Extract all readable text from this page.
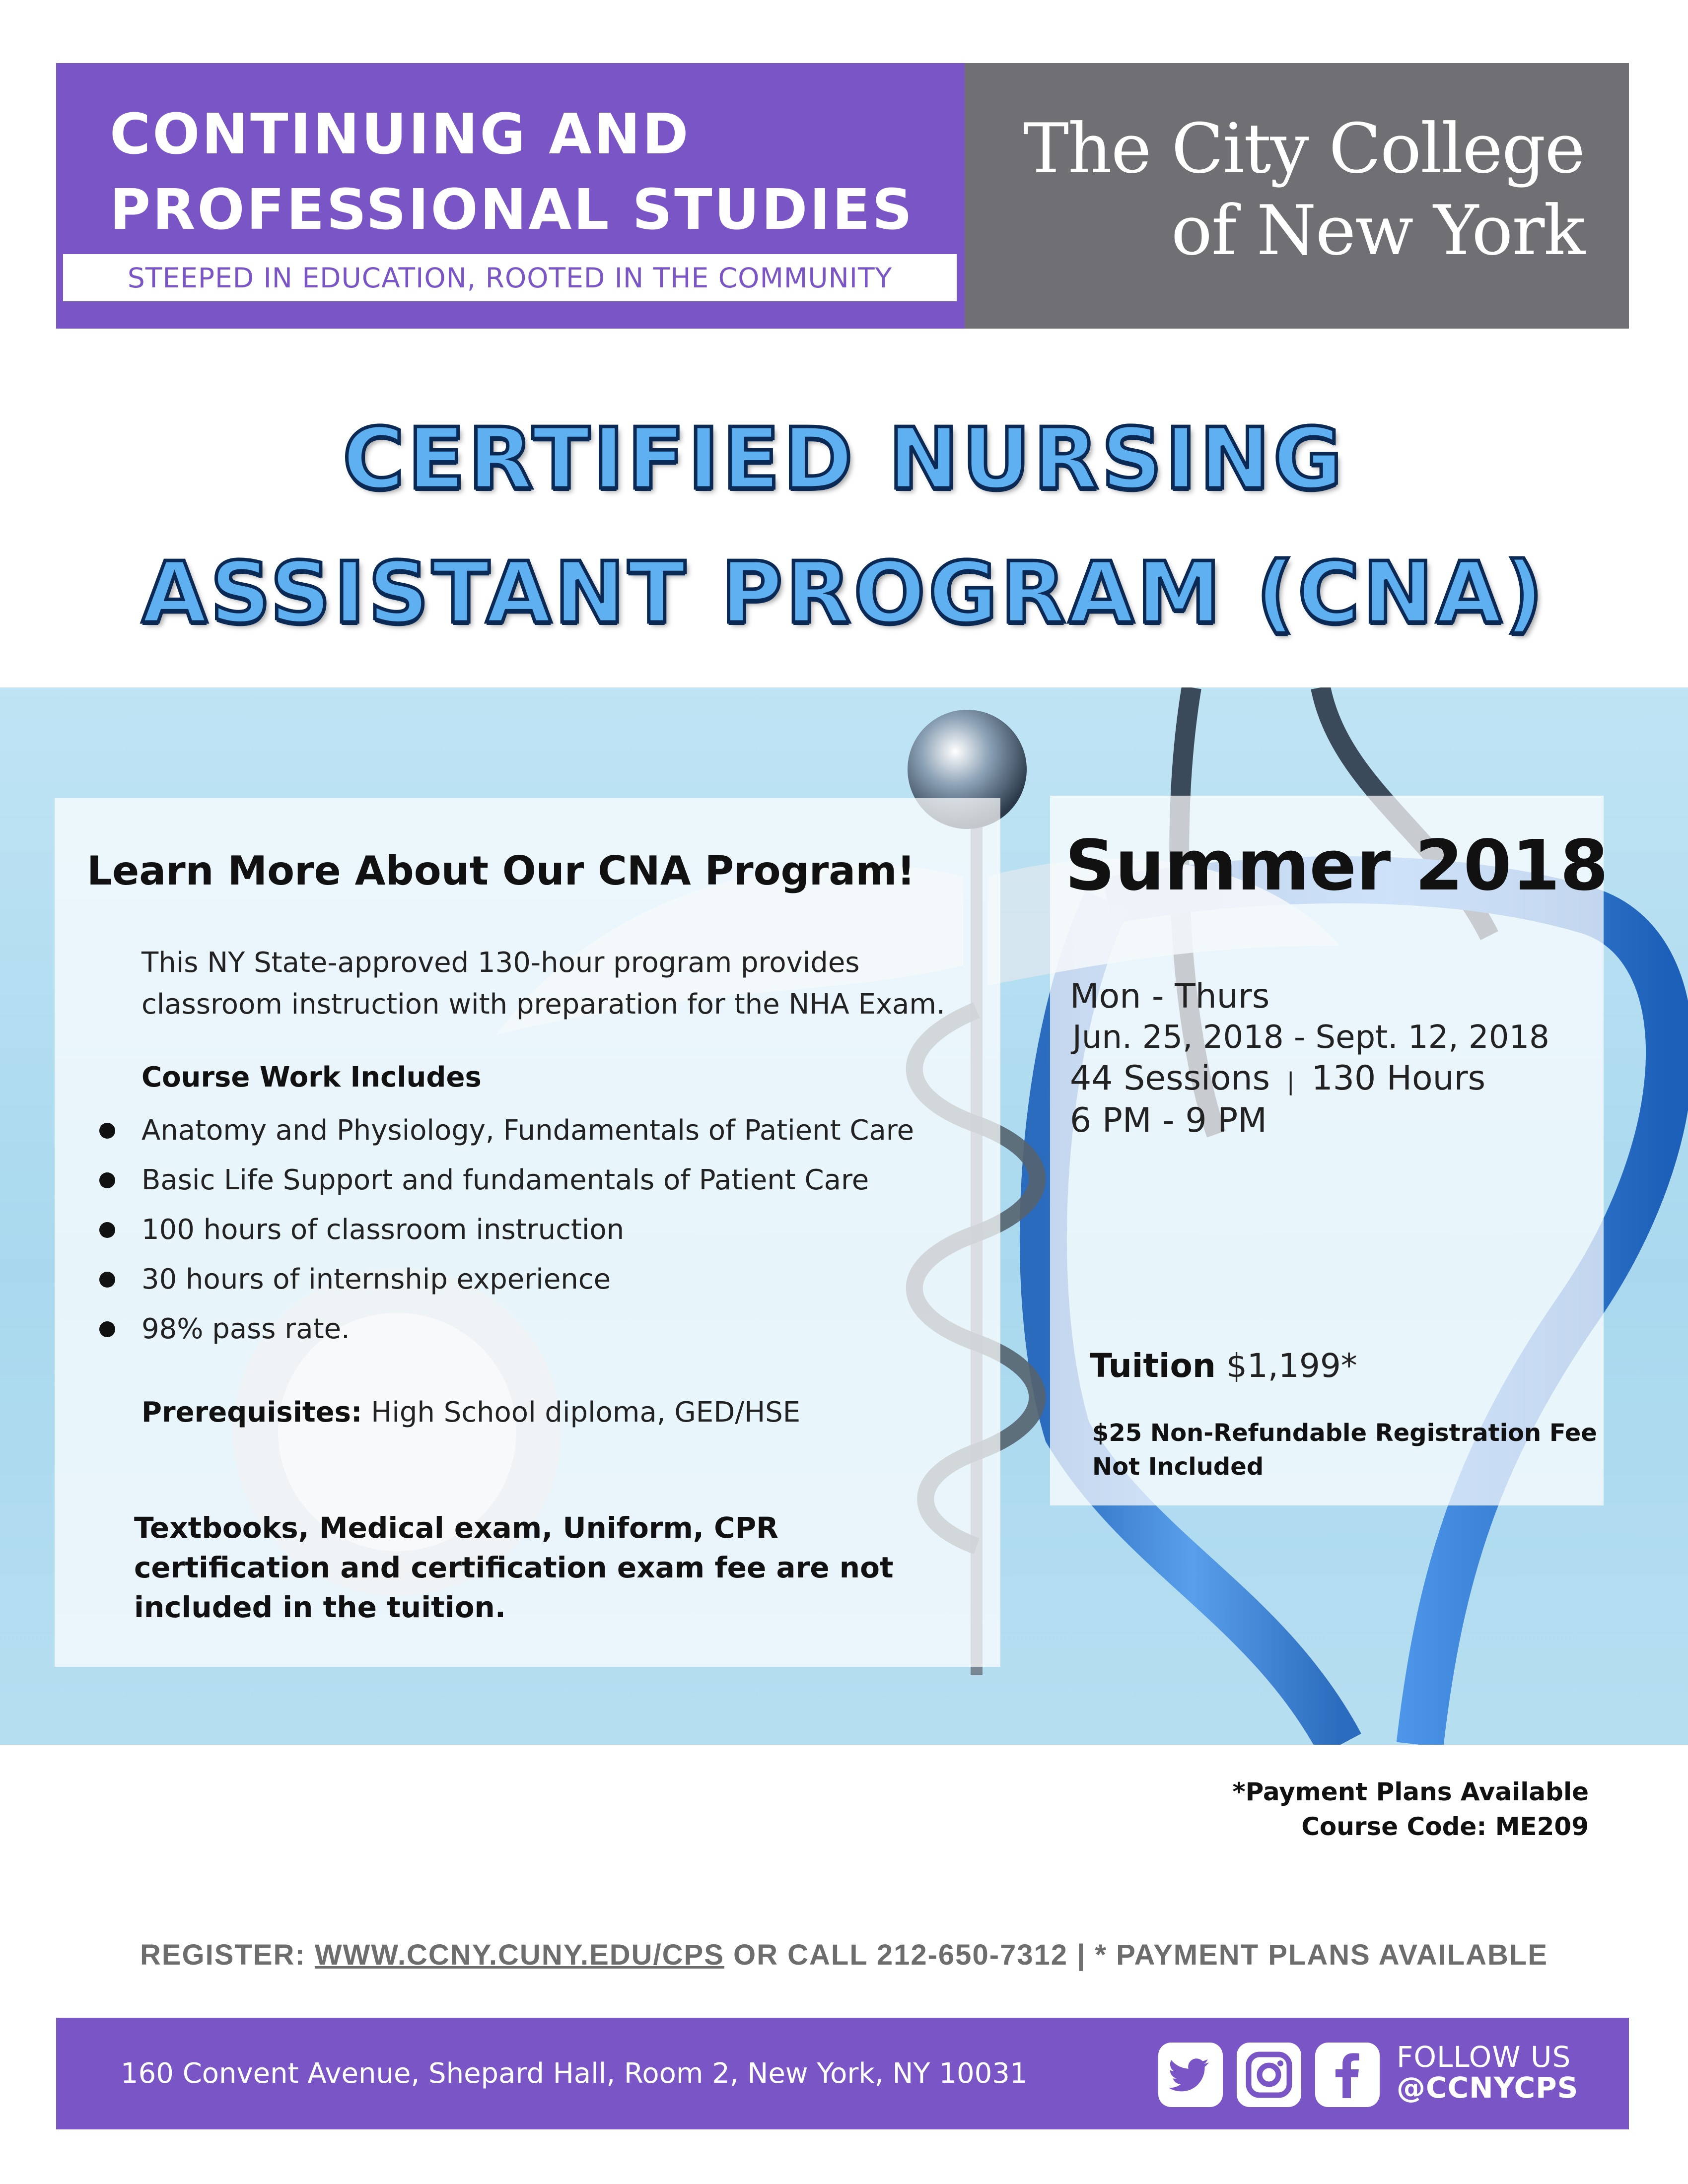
CONTINUING AND
PROFESSIONAL STUDIES
STEEPED IN EDUCATION, ROOTED IN THE COMMUNITY
The City College
of New York
CERTIFIED NURSING
ASSISTANT PROGRAM (CNA)
Learn More About Our CNA Program!
This NY State-approved 130-hour program provides
classroom instruction with preparation for the NHA Exam.
Course Work Includes
Anatomy and Physiology, Fundamentals of Patient Care
Basic Life Support and fundamentals of Patient Care
100 hours of classroom instruction
30 hours of internship experience
98% pass rate.
Prerequisites: High School diploma, GED/HSE
Textbooks, Medical exam, Uniform, CPR
certification and certification exam fee are not
included in the tuition.
Summer 2018
Mon - Thurs
Jun. 25, 2018 - Sept. 12, 2018
44 Sessions | 130 Hours
6 PM - 9 PM
Tuition $1,199*
$25 Non-Refundable Registration Fee
Not Included
*Payment Plans Available
Course Code: ME209
REGISTER: WWW.CCNY.CUNY.EDU/CPS OR CALL 212-650-7312 | * PAYMENT PLANS AVAILABLE
160 Convent Avenue, Shepard Hall, Room 2, New York, NY 10031	FOLLOW US
@CCNYCPS
